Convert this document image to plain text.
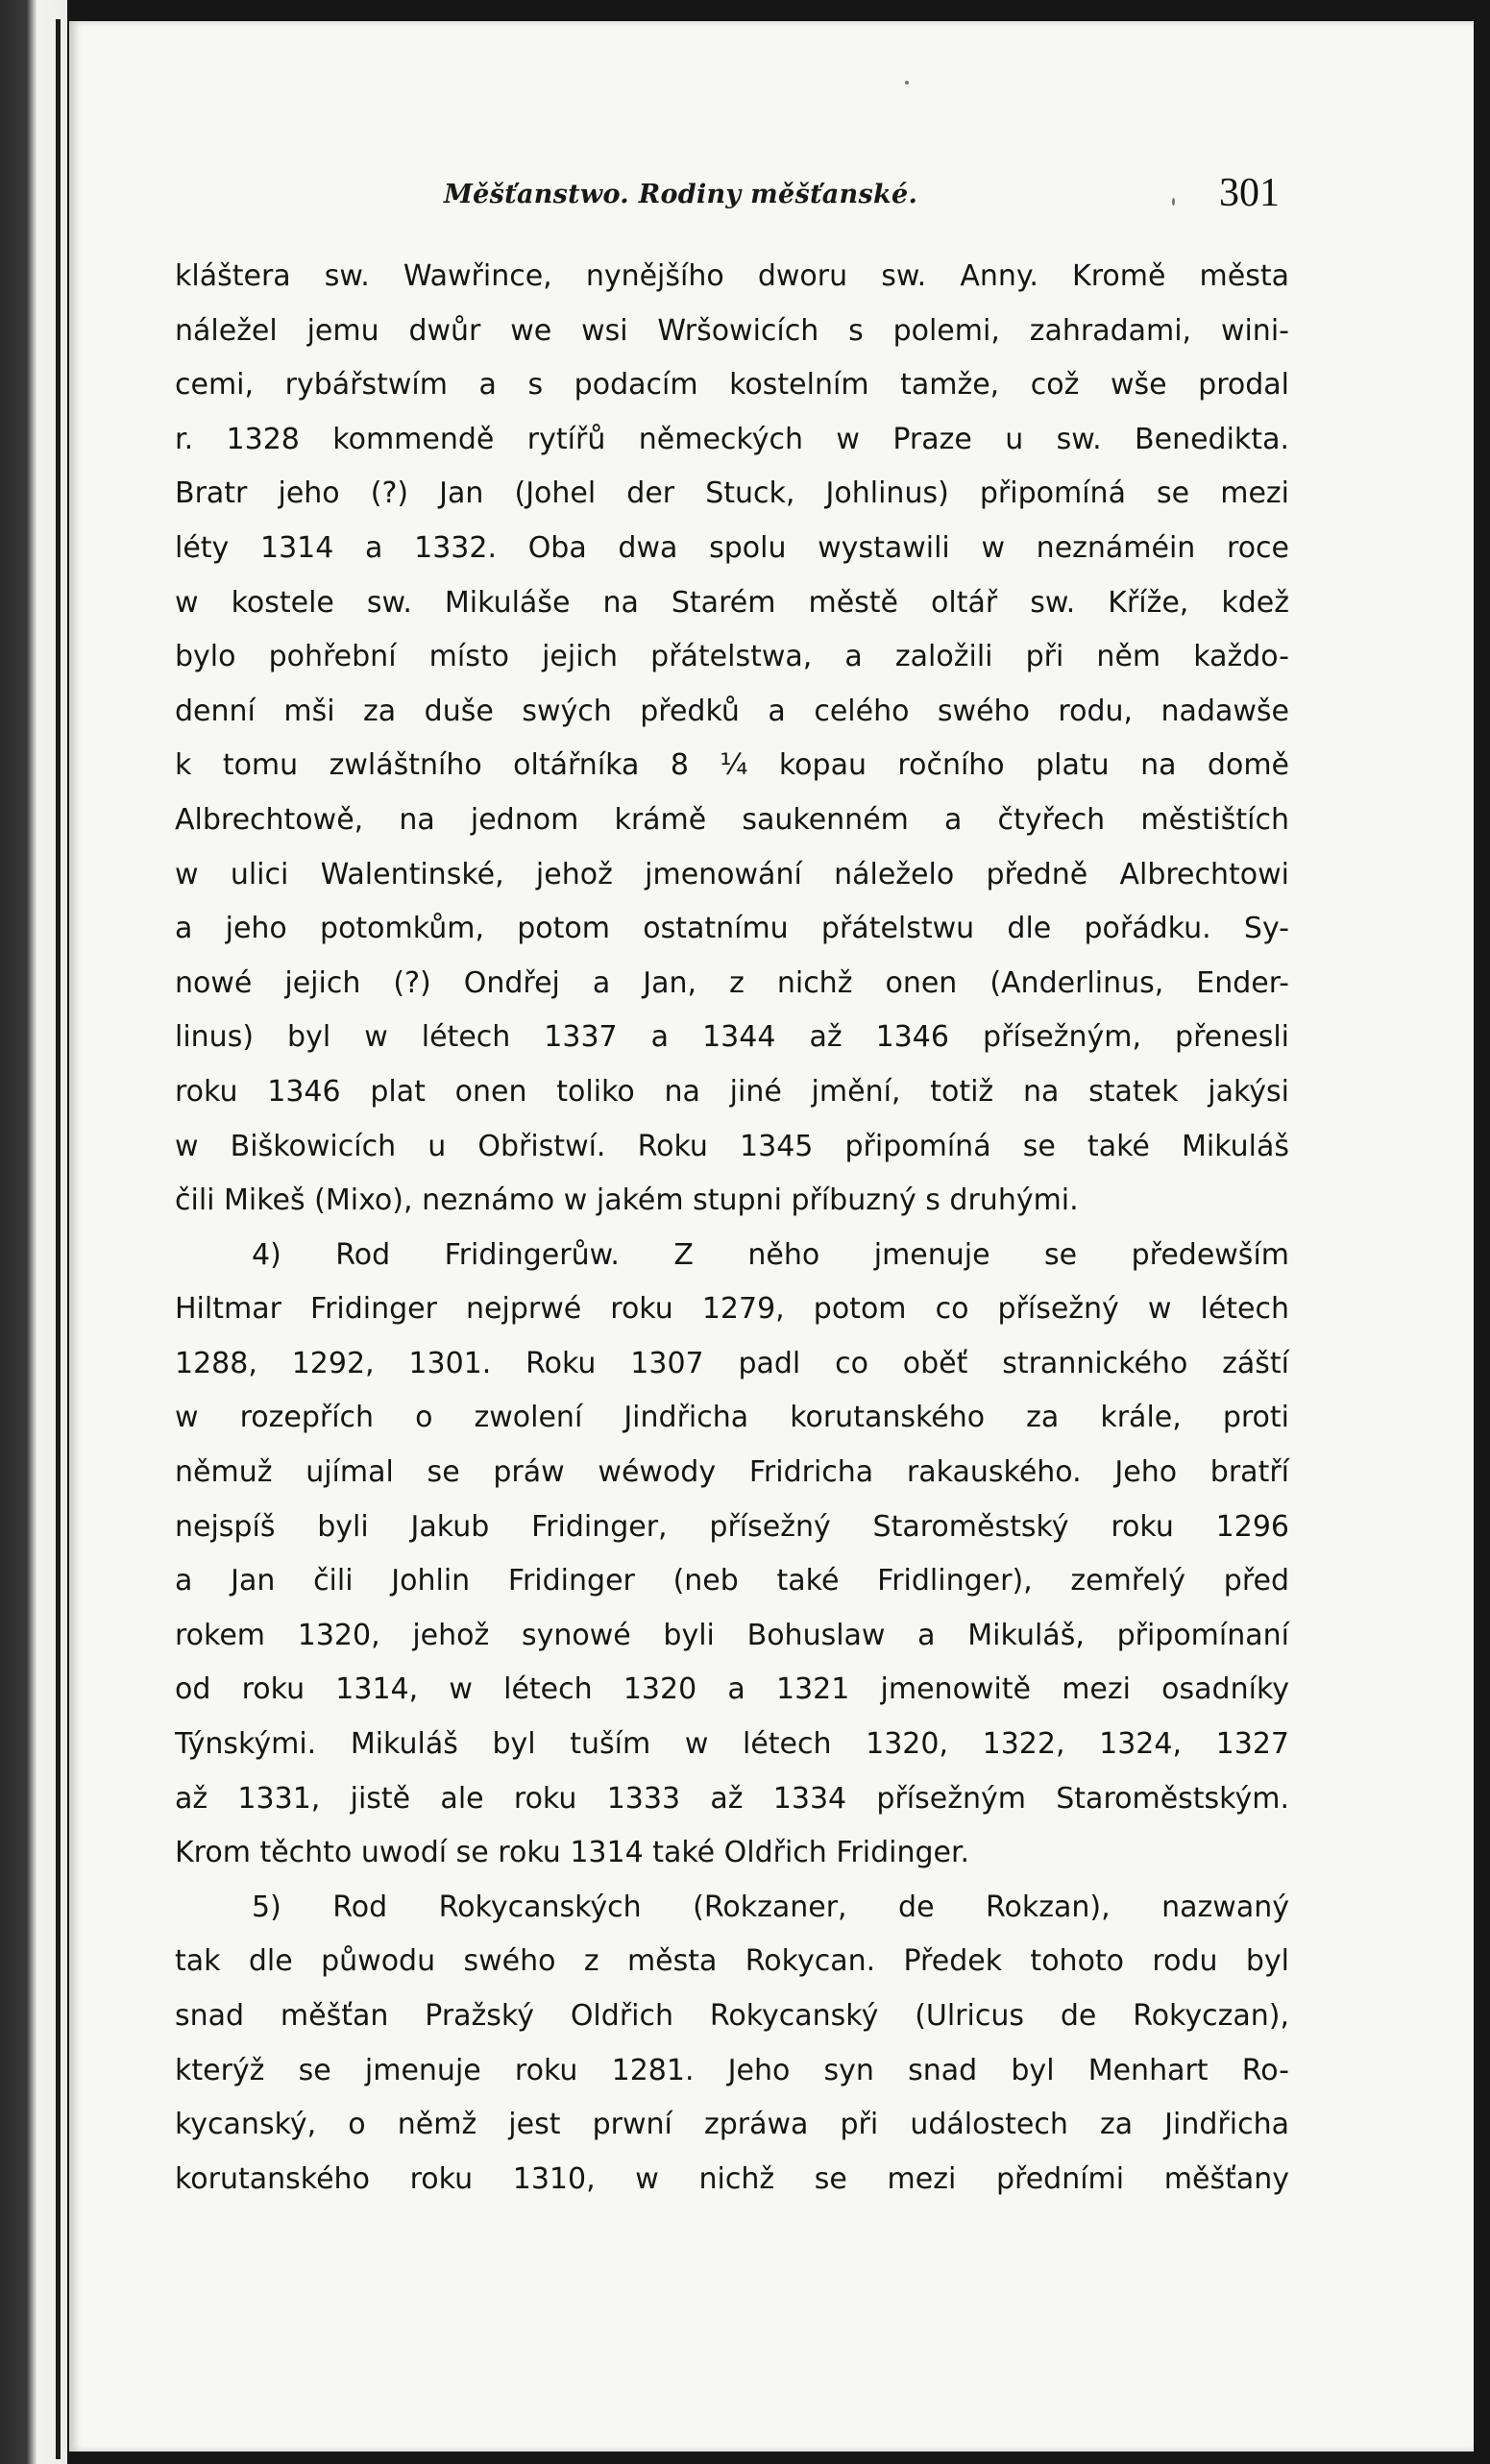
Měšťanstwo. Rodiny měšťanské.	301
kláštera sw. Wawřince, nynějšího dworu sw. Anny. Kromě města
náležel jemu dwůr we wsi Wršowicích s polemi, zahradami, wini-
cemi, rybářstwím a s podacím kostelním tamže, což wše prodal
r. 1328 kommendě rytířů německých w Praze u sw. Benedikta.
Bratr jeho (?) Jan (Johel der Stuck, Johlinus) připomíná se mezi
léty 1314 a 1332. Oba dwa spolu wystawili w neznáméin roce
w kostele sw. Mikuláše na Starém městě oltář sw. Kříže, kdež
bylo pohřební místo jejich přátelstwa, a založili při něm každo-
denní mši za duše swých předků a celého swého rodu, nadawše
k tomu zwláštního oltářníka 8 ¼ kopau ročního platu na domě
Albrechtowě, na jednom krámě saukenném a čtyřech městištích
w ulici Walentinské, jehož jmenowání náleželo předně Albrechtowi
a jeho potomkům, potom ostatnímu přátelstwu dle pořádku. Sy-
nowé jejich (?) Ondřej a Jan, z nichž onen (Anderlinus, Ender-
linus) byl w létech 1337 a 1344 až 1346 přísežným, přenesli
roku 1346 plat onen toliko na jiné jmění, totiž na statek jakýsi
w Biškowicích u Obřistwí. Roku 1345 připomíná se také Mikuláš
čili Mikeš (Mixo), neznámo w jakém stupni příbuzný s druhými.
4) Rod Fridingerůw. Z něho jmenuje se předewším
Hiltmar Fridinger nejprwé roku 1279, potom co přísežný w létech
1288, 1292, 1301. Roku 1307 padl co oběť strannického záští
w rozepřích o zwolení Jindřicha korutanského za krále, proti
němuž ujímal se práw wéwody Fridricha rakauského. Jeho bratří
nejspíš byli Jakub Fridinger, přísežný Staroměstský roku 1296
a Jan čili Johlin Fridinger (neb také Fridlinger), zemřelý před
rokem 1320, jehož synowé byli Bohuslaw a Mikuláš, připomínaní
od roku 1314, w létech 1320 a 1321 jmenowitě mezi osadníky
Týnskými. Mikuláš byl tuším w létech 1320, 1322, 1324, 1327
až 1331, jistě ale roku 1333 až 1334 přísežným Staroměstským.
Krom těchto uwodí se roku 1314 také Oldřich Fridinger.
5) Rod Rokycanských (Rokzaner, de Rokzan), nazwaný
tak dle půwodu swého z města Rokycan. Předek tohoto rodu byl
snad měšťan Pražský Oldřich Rokycanský (Ulricus de Rokyczan),
kterýž se jmenuje roku 1281. Jeho syn snad byl Menhart Ro-
kycanský, o němž jest prwní zpráwa při událostech za Jindřicha
korutanského roku 1310, w nichž se mezi předními měšťany
